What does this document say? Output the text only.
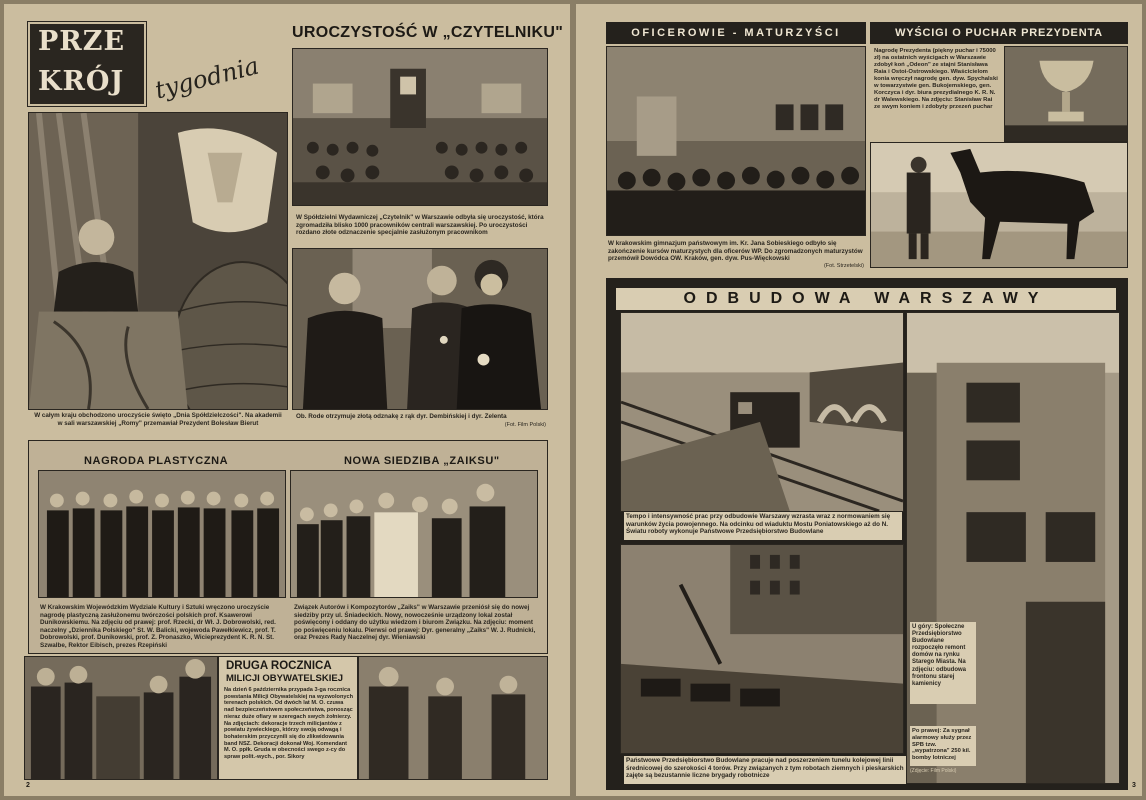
PRZE
KRÓJ tygodnia
UROCZYSTOŚĆ W „CZYTELNIKU"
W całym kraju obchodzono uroczyście święto „Dnia Spółdzielczości". Na akademii w sali warszawskiej „Romy" przemawiał Prezydent Bolesław Bierut
W Spółdzielni Wydawniczej „Czytelnik" w Warszawie odbyła się uroczystość, która zgromadziła blisko 1000 pracowników centrali warszawskiej. Po uroczystości rozdano złote odznaczenie specjalnie zasłużonym pracownikom
Ob. Rode otrzymuje złotą odznakę z rąk dyr. Dembińskiej i dyr. Żelenta
(Fot. Film Polski)
NAGRODA PLASTYCZNA	NOWA SIEDZIBA „ZAIKSU"
W Krakowskim Wojewódzkim Wydziale Kultury i Sztuki wręczono uroczyście nagrodę plastyczną zasłużonemu twórczości polskich prof. Ksawerowi Dunikowskiemu. Na zdjęciu od prawej: prof. Rzecki, dr Wł. J. Dobrowolski, red. naczelny „Dziennika Polskiego" St. W. Balicki, wojewoda Pawełkiewicz, prof. T. Dobrowolski, prof. Dunikowski, prof. Z. Pronaszko, Wicieprezydent K. R. N. St. Szwalbe, Rektor Eibisch, prezes Rzepiński
Związek Autorów i Kompozytorów „Zaiks" w Warszawie przeniósł się do nowej siedziby przy ul. Śniadeckich. Nowy, nowocześnie urządzony lokal został poświęcony i oddany do użytku wiedzom i biurom Związku. Na zdjęciu: moment po poświęceniu lokalu. Pierwsi od prawej: Dyr. generalny „Zaiks" W. J. Rudnicki, oraz Prezes Rady Naczelnej dyr. Wieniawski
DRUGA ROCZNICA
MILICJI OBYWATELSKIEJ
Na dzień 6 października przypada 3-ga rocznica powstania Milicji Obywatelskiej na wyzwolonych terenach polskich. Od dwóch lat M. O. czuwa nad bezpieczeństwem społeczeństwa, ponosząc nieraz duże ofiary w szeregach swych żołnierzy. Na zdjęciach: dekoracje trzech milicjantów z powiatu żywieckiego, którzy swoją odwagą i bohaterskim przyczynili się do zlikwidowania band NSZ. Dekoracji dokonał Woj. Komendant M. O. ppłk. Gruda w obecności swego z-cy do spraw polit.-wych., por. Sikory
2
OFICEROWIE - MATURZYŚCI	WYŚCIGI O PUCHAR PREZYDENTA
W krakowskim gimnazjum państwowym im. Kr. Jana Sobieskiego odbyło się zakończenie kursów maturzystych dla oficerów WP. Do zgromadzonych maturzystów przemówił Dowódca OW. Kraków, gen. dyw. Pus-Więckowski
(Fot. Strzetelski)
Nagrodę Prezydenta (piękny puchar i 75000 zł) na ostatnich wyścigach w Warszawie zdobył koń „Odeon" ze stajni Stanisława Raia i Ostoi-Ostrowskiego. Właścicielom konia wręczył nagrodę gen. dyw. Spychalski w towarzystwie gen. Bukojemskiego, gen. Korczyca i dyr. biura prezydialnego K. R. N. dr Walewskiego. Na zdjęciu: Stanisław Rai ze swym koniem i zdobyty przezeń puchar
ODBUDOWA WARSZAWY
Tempo i intensywność prac przy odbudowie Warszawy wzrasta wraz z normowaniem się warunków życia powojennego. Na odcinku od wiaduktu Mostu Poniatowskiego aż do N. Światu roboty wykonuje Państwowe Przedsiębiorstwo Budowlane
Państwowe Przedsiębiorstwo Budowlane pracuje nad poszerzeniem tunelu kolejowej linii średnicowej do szerokości 4 torów. Przy związanych z tym robotach ziemnych i pieskarskich zajęte są bezustannie liczne brygady robotnicze
U góry: Społeczne Przedsiębiorstwo Budowlane rozpoczęło remont domów na rynku Starego Miasta. Na zdjęciu: odbudowa frontonu starej kamienicy
Po prawej: Za sygnał alarmowy służy przez SPB tzw. „wypatrzona" 250 kil. bomby lotniczej
(Zdjęcie: Film Polski)
3
